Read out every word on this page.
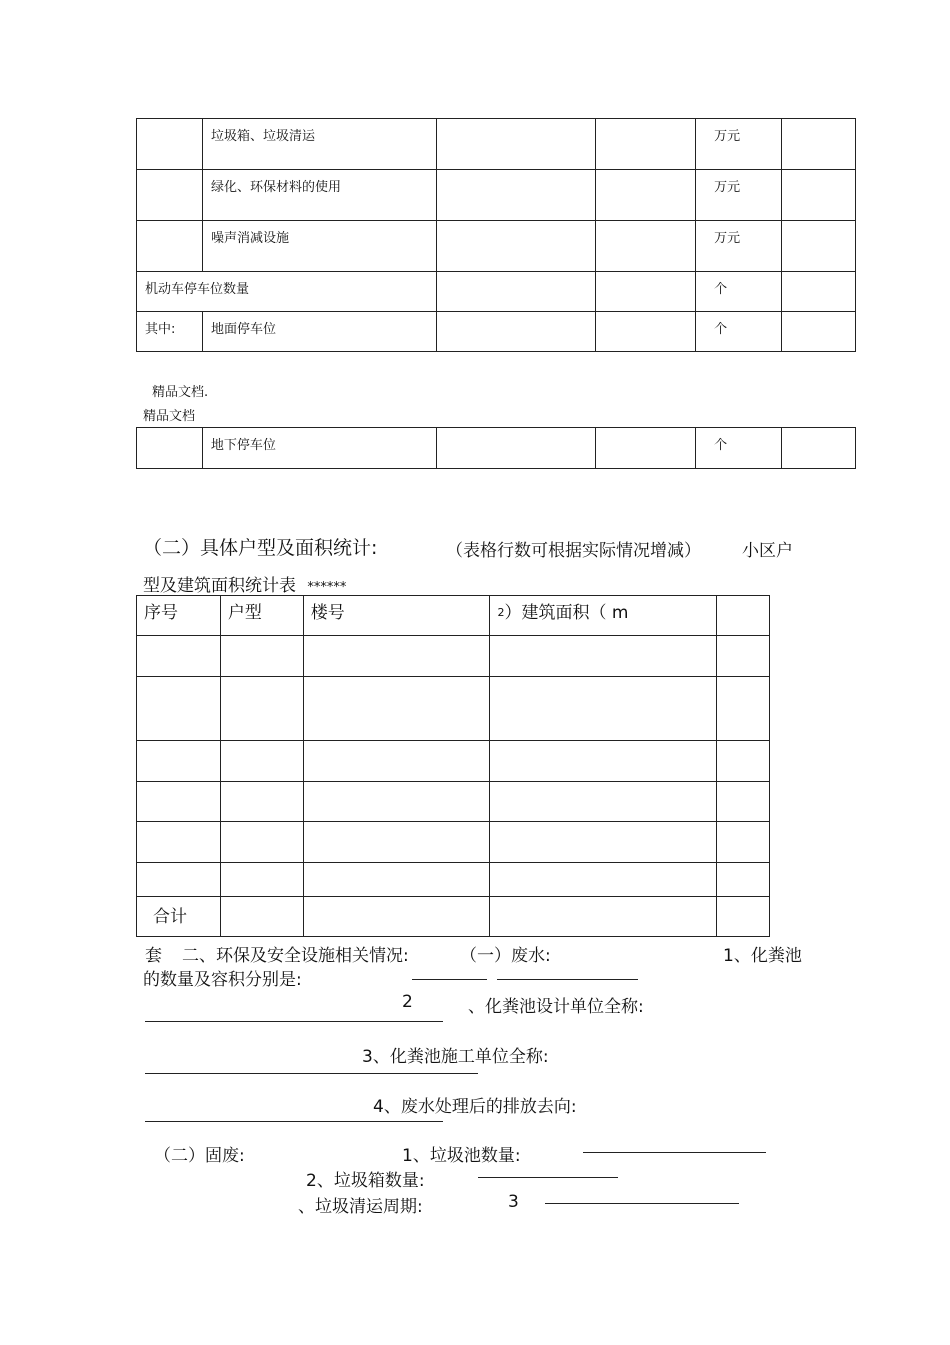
	垃圾箱、垃圾清运			万元	

	绿化、环保材料的使用			万元	

	噪声消减设施			万元	

机动车停车位数量				个	

其中:	地面停车位			个	

精品文档.
精品文档

地下停车位			个

（二）具体户型及面积统计:	（表格行数可根据实际情况增减） 小区户
型及建筑面积统计表 ******
序号	户型	楼号	2）建筑面积（ m	

合计				

套 二、环保及安全设施相关情况:	（一）废水:	1、化粪池
的数量及容积分别是:
2	、化粪池设计单位全称:
3、化粪池施工单位全称:
4、废水处理后的排放去向:
（二）固废:	1、垃圾池数量:
2、垃圾箱数量:
、垃圾清运周期:	3
